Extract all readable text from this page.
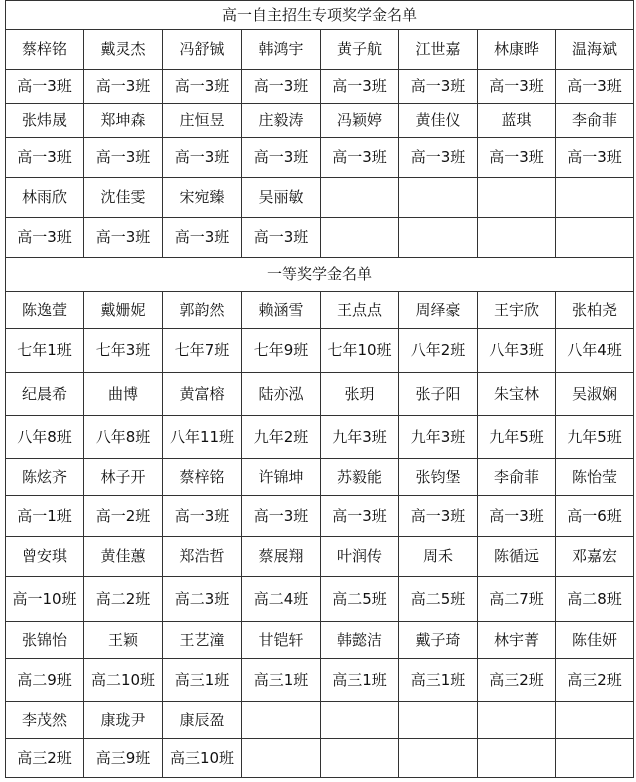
高一自主招生专项奖学金名单							
蔡梓铭	戴灵杰	冯舒铖	韩鸿宇	黄子航	江世嘉	林康晔	温海斌
高一3班	高一3班	高一3班	高一3班	高一3班	高一3班	高一3班	高一3班
张炜晟	郑坤森	庄恒昱	庄毅涛	冯颖婷	黄佳仪	蓝琪	李俞菲
高一3班	高一3班	高一3班	高一3班	高一3班	高一3班	高一3班	高一3班
林雨欣	沈佳雯	宋宛臻	吴丽敏				
高一3班	高一3班	高一3班	高一3班				
一等奖学金名单							
陈逸萱	戴姗妮	郭韵然	赖涵雪	王点点	周绎豪	王宇欣	张柏尧
七年1班	七年3班	七年7班	七年9班	七年10班	八年2班	八年3班	八年4班
纪晨希	曲博	黄富榕	陆亦泓	张玥	张子阳	朱宝林	吴淑娴
八年8班	八年8班	八年11班	九年2班	九年3班	九年3班	九年5班	九年5班
陈炫齐	林子开	蔡梓铭	许锦坤	苏毅能	张钧堡	李俞菲	陈怡莹
高一1班	高一2班	高一3班	高一3班	高一3班	高一3班	高一3班	高一6班
曾安琪	黄佳蕙	郑浩哲	蔡展翔	叶润传	周禾	陈循远	邓嘉宏
高一10班	高二2班	高二3班	高二4班	高二5班	高二5班	高二7班	高二8班
张锦怡	王颖	王艺潼	甘铠轩	韩懿洁	戴子琦	林宇菁	陈佳妍
高二9班	高二10班	高三1班	高三1班	高三1班	高三1班	高三2班	高三2班
李茂然	康珑尹	康辰盈					
高三2班	高三9班	高三10班					
